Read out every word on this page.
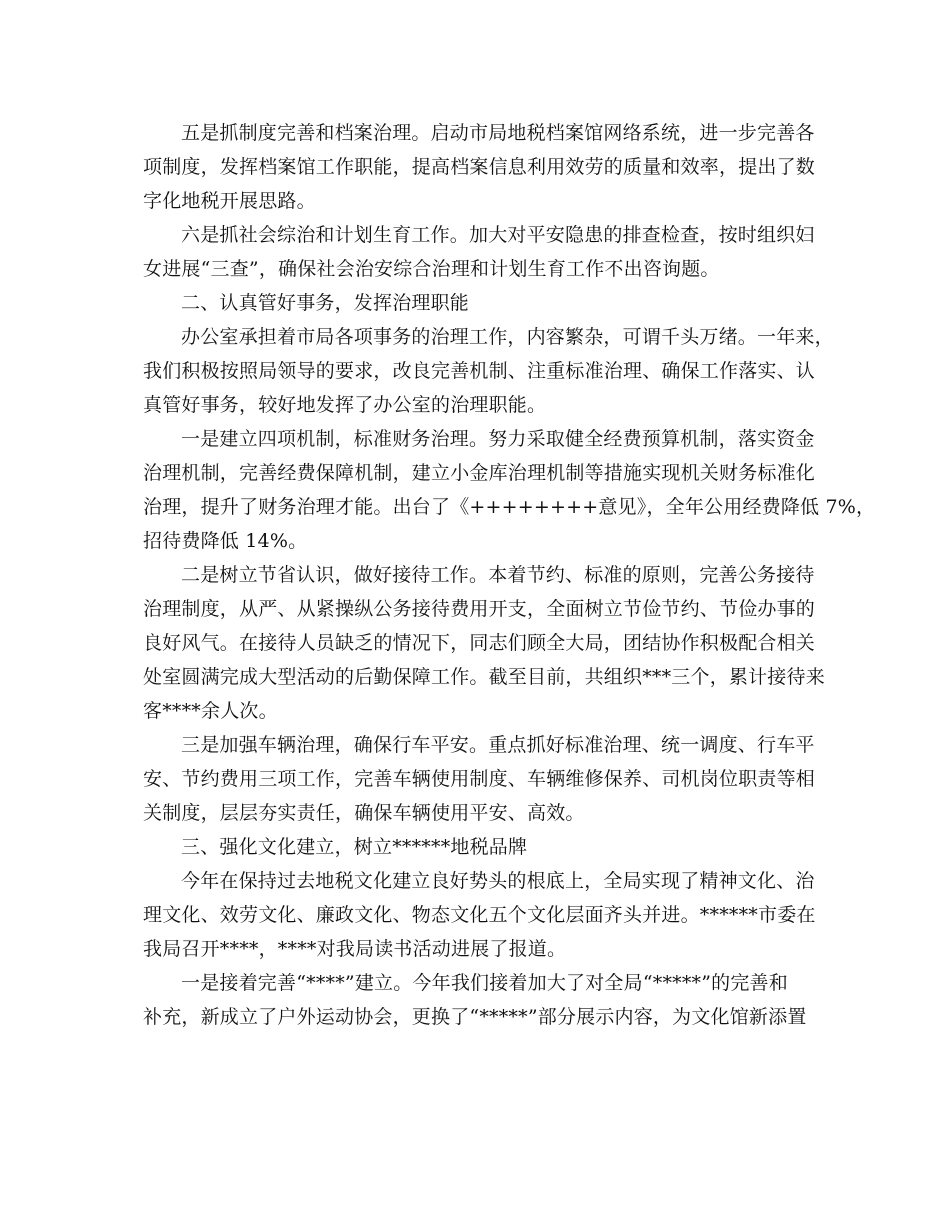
五是抓制度完善和档案治理。启动市局地税档案馆网络系统，进一步完善各
项制度，发挥档案馆工作职能，提高档案信息利用效劳的质量和效率，提出了数
字化地税开展思路。

六是抓社会综治和计划生育工作。加大对平安隐患的排查检查，按时组织妇
女进展“三查”，确保社会治安综合治理和计划生育工作不出咨询题。

二、认真管好事务，发挥治理职能

办公室承担着市局各项事务的治理工作，内容繁杂，可谓千头万绪。一年来，
我们积极按照局领导的要求，改良完善机制、注重标准治理、确保工作落实、认
真管好事务，较好地发挥了办公室的治理职能。

一是建立四项机制，标准财务治理。努力采取健全经费预算机制，落实资金
治理机制，完善经费保障机制，建立小金库治理机制等措施实现机关财务标准化
治理，提升了财务治理才能。出台了《++++++++意见》，全年公用经费降低 7%，
招待费降低 14%。

二是树立节省认识，做好接待工作。本着节约、标准的原则，完善公务接待
治理制度，从严、从紧操纵公务接待费用开支，全面树立节俭节约、节俭办事的
良好风气。在接待人员缺乏的情况下，同志们顾全大局，团结协作积极配合相关
处室圆满完成大型活动的后勤保障工作。截至目前，共组织***三个，累计接待来
客****余人次。

三是加强车辆治理，确保行车平安。重点抓好标准治理、统一调度、行车平
安、节约费用三项工作，完善车辆使用制度、车辆维修保养、司机岗位职责等相
关制度，层层夯实责任，确保车辆使用平安、高效。

三、强化文化建立，树立******地税品牌

今年在保持过去地税文化建立良好势头的根底上，全局实现了精神文化、治
理文化、效劳文化、廉政文化、物态文化五个文化层面齐头并进。******市委在
我局召开****，****对我局读书活动进展了报道。

一是接着完善“****”建立。今年我们接着加大了对全局“*****”的完善和
补充，新成立了户外运动协会，更换了“*****”部分展示内容，为文化馆新添置
